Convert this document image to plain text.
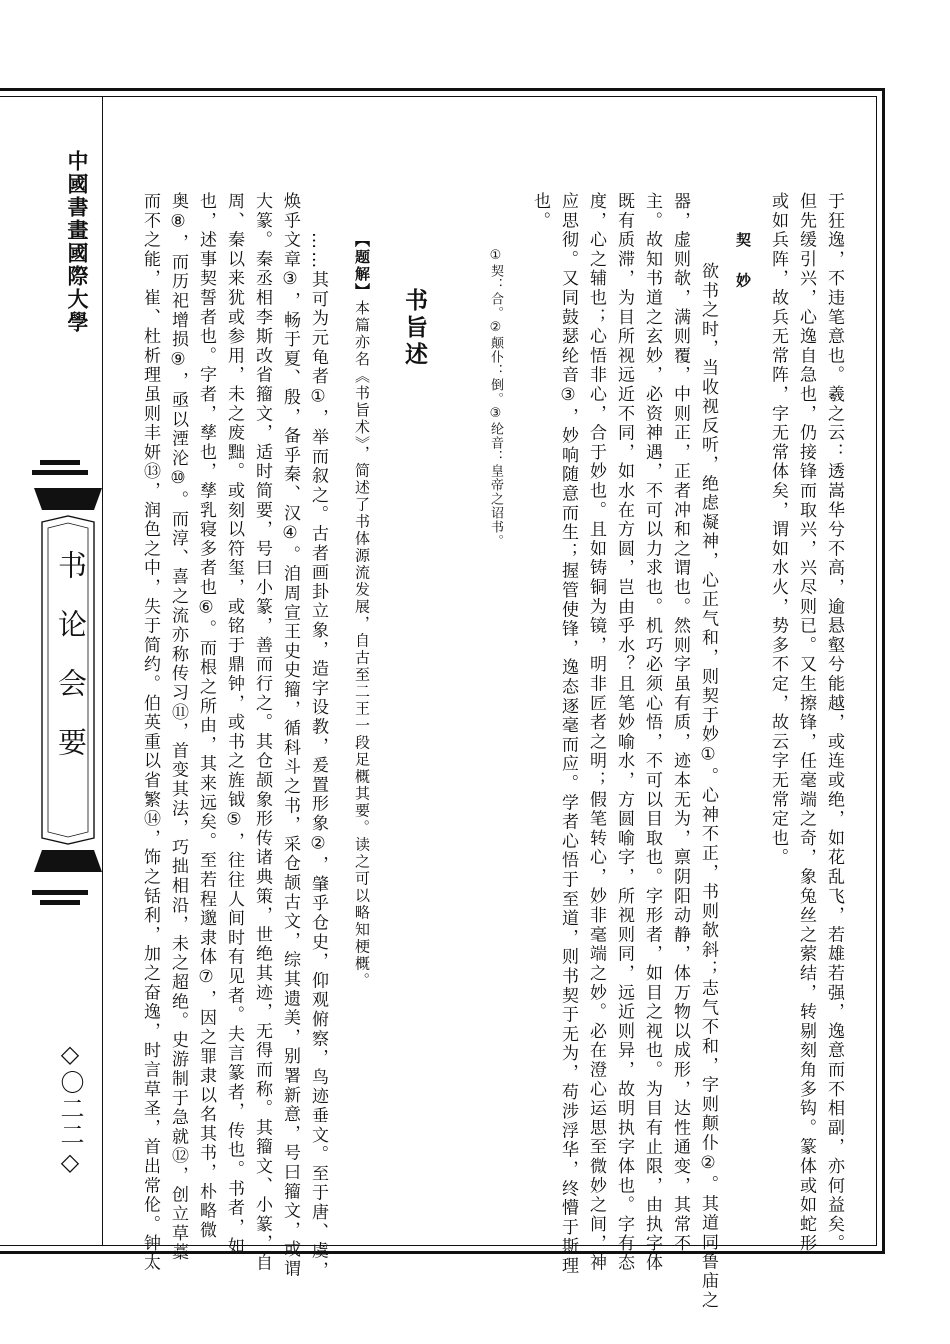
中國書畫國際大學
书论会要
◇〇二二◇	于狂逸，不违笔意也。羲之云：透嵩华兮不高，逾悬壑兮能越，或连或绝，如花乱飞，若雄若强，逸意而不相副，亦何益矣。
但先缓引兴，心逸自急也，仍接锋而取兴，兴尽则已。又生擦锋，任毫端之奇，象兔丝之萦结，转剔刻角多钩。篆体或如蛇形
或如兵阵，故兵无常阵，字无常体矣，谓如水火，势多不定，故云字无常定也。
契 妙
欲书之时，当收视反听，绝虑凝神，心正气和，则契于妙①。心神不正，书则欹斜；志气不和，字则颠仆②。其道同鲁庙之
器，虚则欹，满则覆，中则正，正者冲和之谓也。然则字虽有质，迹本无为，禀阴阳动静，体万物以成形，达性通变，其常不
主。故知书道之玄妙，必资神遇，不可以力求也。机巧必须心悟，不可以目取也。字形者，如目之视也。为目有止限，由执字体
既有质滞，为目所视远近不同，如水在方圆，岂由乎水？且笔妙喻水，方圆喻字，所视则同，远近则异，故明执字体也。字有态
度，心之辅也；心悟非心，合于妙也。且如铸铜为镜，明非匠者之明；假笔转心，妙非毫端之妙。必在澄心运思至微妙之间，神
应思彻。又同鼓瑟纶音③，妙响随意而生；握管使锋，逸态逐毫而应。学者心悟于至道，则书契于无为，苟涉浮华，终懵于斯理
也。
①契：合。②颠仆：倒。③纶音：皇帝之诏书。
书旨述
【题解】本篇亦名《书旨术》，简述了书体源流发展，自古至二王一段足概其要。读之可以略知梗概。
……其可为元龟者①，举而叙之。古者画卦立象，造字设教，爰置形象②，肇乎仓史，仰观俯察，鸟迹垂文。至于唐、虞，
焕乎文章③，畅于夏、殷，备乎秦、汉④。洎周宣王史史籀，循科斗之书，采仓颉古文，综其遗美，别署新意，号曰籀文，或谓
大篆。秦丞相李斯改省籀文，适时简要，号曰小篆，善而行之。其仓颉象形传诸典策，世绝其迹，无得而称。其籀文、小篆，自
周、秦以来犹或参用，未之废黜。或刻以符玺，或铭于鼎钟，或书之旌钺⑤，往往人间时有见者。夫言篆者，传也。书者，如
也，述事契誓者也。字者，孳也，孳乳寝多者也⑥。而根之所由，其来远矣。至若程邈隶体⑦，因之罪隶以名其书，朴略微
奥⑧，而历祀增损⑨，亟以湮沦⑩。而淳、喜之流亦称传习⑪，首变其法，巧拙相沿，未之超绝。史游制于急就⑫，创立草藁
而不之能，崔、杜析理虽则丰妍⑬，润色之中，失于简约。伯英重以省繁⑭，饰之铦利，加之奋逸，时言草圣，首出常伦。钟太
